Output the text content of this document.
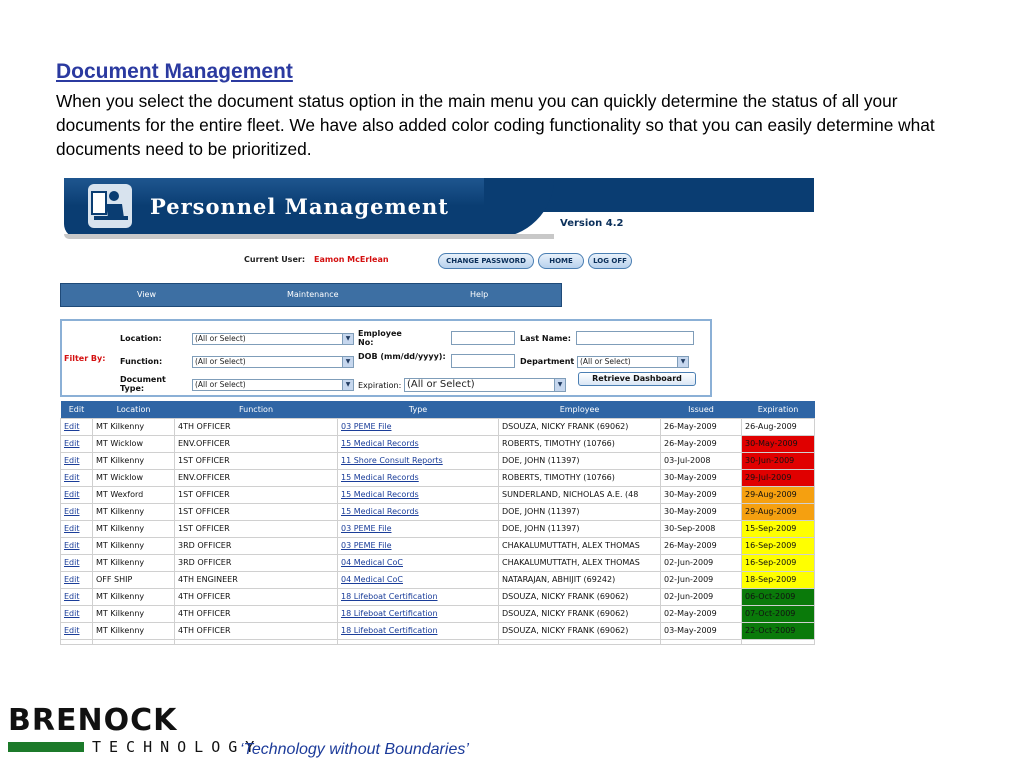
Document Management
When you select the document status option in the main menu you can quickly determine the status of all your documents for the entire fleet. We have also added color coding functionality so that you can easily determine what documents need to be prioritized.
Personnel Management
Version 4.2
Current User: Eamon McErlean	CHANGE PASSWORD	HOME	LOG OFF
View	Maintenance	Help
Filter By:
Location:	(All or Select)	▼
Function:	(All or Select)	▼
Document Type:	(All or Select)	▼
Employee No:
DOB (mm/dd/yyyy):
Expiration: (All or Select)	▼
Last Name:
Department (All or Select)	▼
Retrieve Dashboard
Edit	Location	Function	Type	Employee	Issued	Expiration
Edit	MT Kilkenny	4TH OFFICER	03 PEME File	DSOUZA, NICKY FRANK (69062)	26-May-2009	26-Aug-2009
Edit	MT Wicklow	ENV.OFFICER	15 Medical Records	ROBERTS, TIMOTHY (10766)	26-May-2009	30-May-2009
Edit	MT Kilkenny	1ST OFFICER	11 Shore Consult Reports	DOE, JOHN (11397)	03-Jul-2008	30-Jun-2009
Edit	MT Wicklow	ENV.OFFICER	15 Medical Records	ROBERTS, TIMOTHY (10766)	30-May-2009	29-Jul-2009
Edit	MT Wexford	1ST OFFICER	15 Medical Records	SUNDERLAND, NICHOLAS A.E. (48	30-May-2009	29-Aug-2009
Edit	MT Kilkenny	1ST OFFICER	15 Medical Records	DOE, JOHN (11397)	30-May-2009	29-Aug-2009
Edit	MT Kilkenny	1ST OFFICER	03 PEME File	DOE, JOHN (11397)	30-Sep-2008	15-Sep-2009
Edit	MT Kilkenny	3RD OFFICER	03 PEME File	CHAKALUMUTTATH, ALEX THOMAS	26-May-2009	16-Sep-2009
Edit	MT Kilkenny	3RD OFFICER	04 Medical CoC	CHAKALUMUTTATH, ALEX THOMAS	02-Jun-2009	16-Sep-2009
Edit	OFF SHIP	4TH ENGINEER	04 Medical CoC	NATARAJAN, ABHIJIT (69242)	02-Jun-2009	18-Sep-2009
Edit	MT Kilkenny	4TH OFFICER	18 Lifeboat Certification	DSOUZA, NICKY FRANK (69062)	02-Jun-2009	06-Oct-2009
Edit	MT Kilkenny	4TH OFFICER	18 Lifeboat Certification	DSOUZA, NICKY FRANK (69062)	02-May-2009	07-Oct-2009
Edit	MT Kilkenny	4TH OFFICER	18 Lifeboat Certification	DSOUZA, NICKY FRANK (69062)	03-May-2009	22-Oct-2009

BRENOCK
TECHNOLOGY
‘Technology without Boundaries’
